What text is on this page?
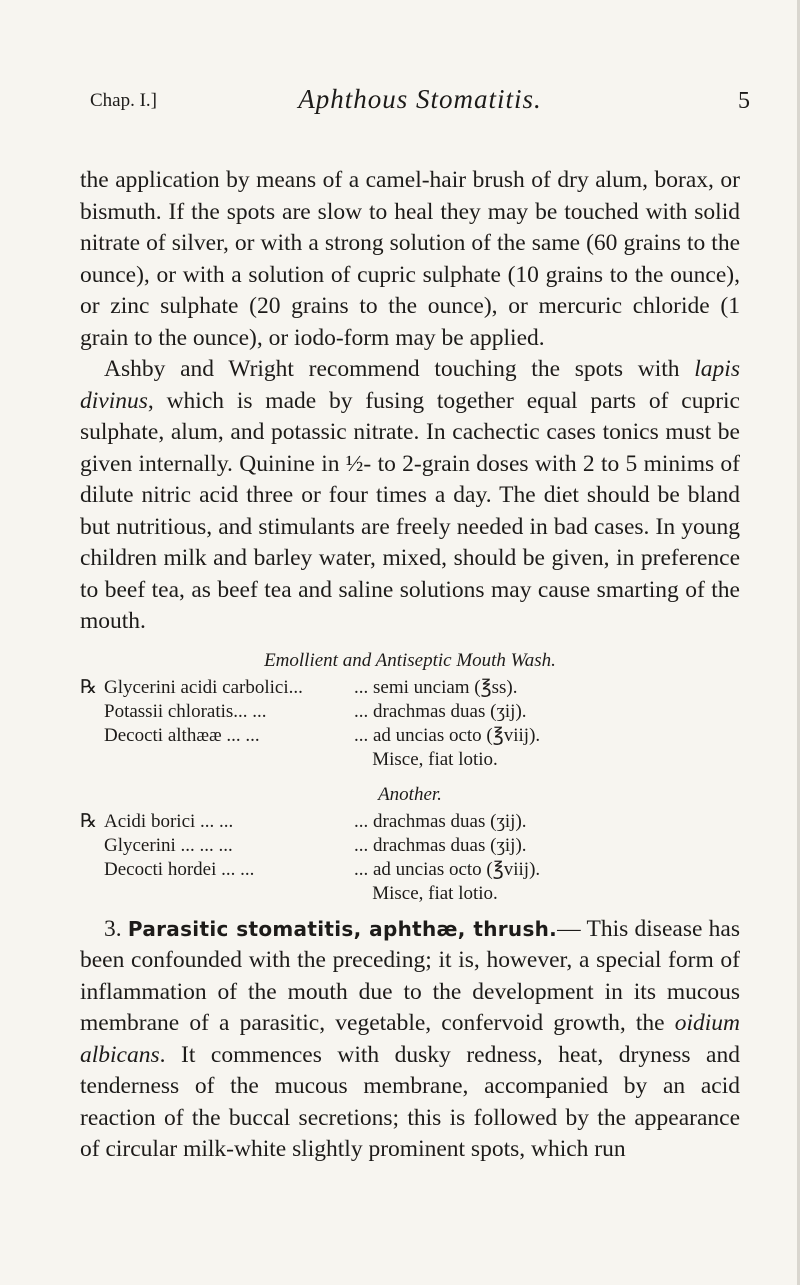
Chap. I.]	Aphthous Stomatitis.	5

the application by means of a camel-hair brush of dry alum, borax, or bismuth. If the spots are slow to heal they may be touched with solid nitrate of silver, or with a strong solution of the same (60 grains to the ounce), or with a solution of cupric sulphate (10 grains to the ounce), or zinc sulphate (20 grains to the ounce), or mercuric chloride (1 grain to the ounce), or iodo-form may be applied.

Ashby and Wright recommend touching the spots with lapis divinus, which is made by fusing together equal parts of cupric sulphate, alum, and potassic nitrate. In cachectic cases tonics must be given internally. Quinine in ½- to 2-grain doses with 2 to 5 minims of dilute nitric acid three or four times a day. The diet should be bland but nutritious, and stimulants are freely needed in bad cases. In young children milk and barley water, mixed, should be given, in preference to beef tea, as beef tea and saline solutions may cause smarting of the mouth.

Emollient and Antiseptic Mouth Wash.
℞ Glycerini acidi carbolici...	... semi unciam (℥ss).
Potassii chloratis... ...	... drachmas duas (ʒij).
Decocti althææ ... ...	... ad uncias octo (℥viij).
Misce, fiat lotio.
Another.
℞ Acidi borici ... ...	... drachmas duas (ʒij).
Glycerini ... ... ...	... drachmas duas (ʒij).
Decocti hordei ... ...	... ad uncias octo (℥viij).
Misce, fiat lotio.

3. Parasitic stomatitis, aphthæ, thrush.— This disease has been confounded with the preceding; it is, however, a special form of inflammation of the mouth due to the development in its mucous membrane of a parasitic, vegetable, confervoid growth, the oidium albicans. It commences with dusky redness, heat, dryness and tenderness of the mucous membrane, accompanied by an acid reaction of the buccal secretions; this is followed by the appearance of circular milk-white slightly prominent spots, which run
